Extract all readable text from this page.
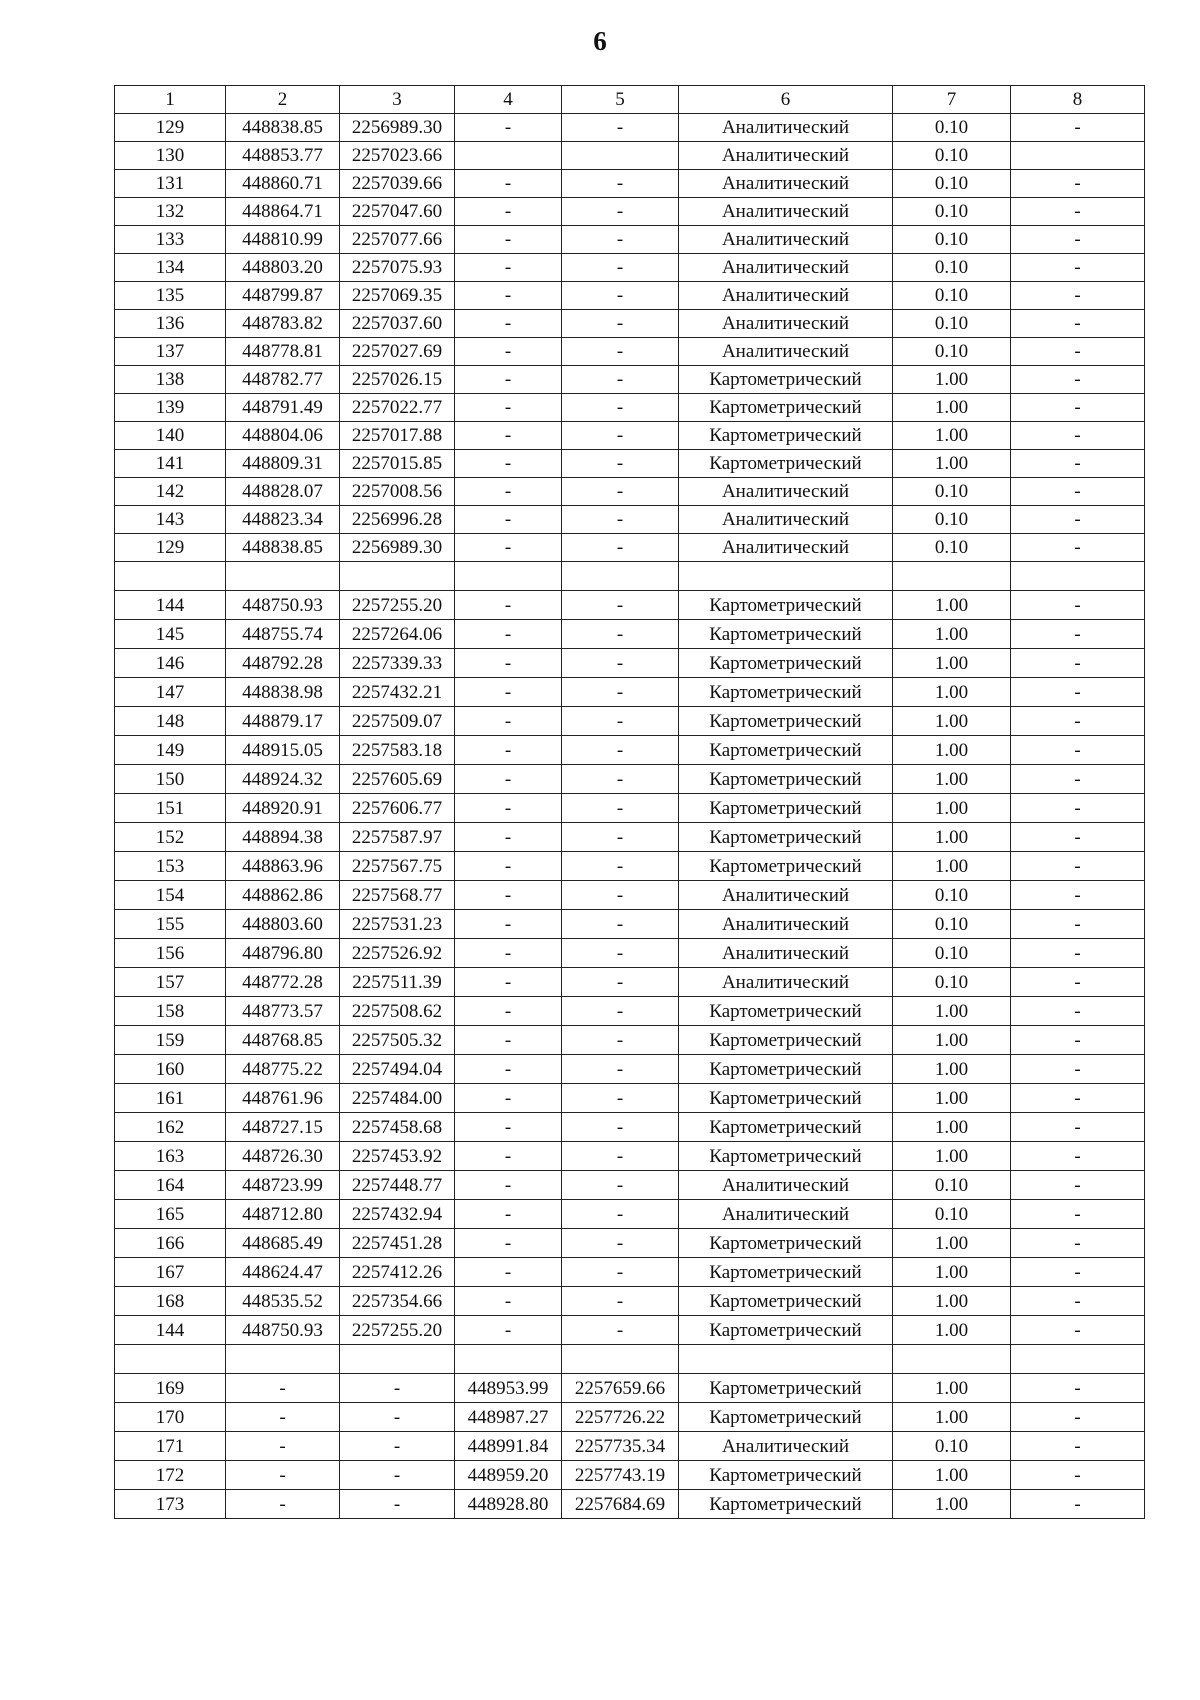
6
1	2	3	4	5	6	7	8
129	448838.85	2256989.30	-	-	Аналитический	0.10	-
130	448853.77	2257023.66			Аналитический	0.10	
131	448860.71	2257039.66	-	-	Аналитический	0.10	-
132	448864.71	2257047.60	-	-	Аналитический	0.10	-
133	448810.99	2257077.66	-	-	Аналитический	0.10	-
134	448803.20	2257075.93	-	-	Аналитический	0.10	-
135	448799.87	2257069.35	-	-	Аналитический	0.10	-
136	448783.82	2257037.60	-	-	Аналитический	0.10	-
137	448778.81	2257027.69	-	-	Аналитический	0.10	-
138	448782.77	2257026.15	-	-	Картометрический	1.00	-
139	448791.49	2257022.77	-	-	Картометрический	1.00	-
140	448804.06	2257017.88	-	-	Картометрический	1.00	-
141	448809.31	2257015.85	-	-	Картометрический	1.00	-
142	448828.07	2257008.56	-	-	Аналитический	0.10	-
143	448823.34	2256996.28	-	-	Аналитический	0.10	-
129	448838.85	2256989.30	-	-	Аналитический	0.10	-

144	448750.93	2257255.20	-	-	Картометрический	1.00	-
145	448755.74	2257264.06	-	-	Картометрический	1.00	-
146	448792.28	2257339.33	-	-	Картометрический	1.00	-
147	448838.98	2257432.21	-	-	Картометрический	1.00	-
148	448879.17	2257509.07	-	-	Картометрический	1.00	-
149	448915.05	2257583.18	-	-	Картометрический	1.00	-
150	448924.32	2257605.69	-	-	Картометрический	1.00	-
151	448920.91	2257606.77	-	-	Картометрический	1.00	-
152	448894.38	2257587.97	-	-	Картометрический	1.00	-
153	448863.96	2257567.75	-	-	Картометрический	1.00	-
154	448862.86	2257568.77	-	-	Аналитический	0.10	-
155	448803.60	2257531.23	-	-	Аналитический	0.10	-
156	448796.80	2257526.92	-	-	Аналитический	0.10	-
157	448772.28	2257511.39	-	-	Аналитический	0.10	-
158	448773.57	2257508.62	-	-	Картометрический	1.00	-
159	448768.85	2257505.32	-	-	Картометрический	1.00	-
160	448775.22	2257494.04	-	-	Картометрический	1.00	-
161	448761.96	2257484.00	-	-	Картометрический	1.00	-
162	448727.15	2257458.68	-	-	Картометрический	1.00	-
163	448726.30	2257453.92	-	-	Картометрический	1.00	-
164	448723.99	2257448.77	-	-	Аналитический	0.10	-
165	448712.80	2257432.94	-	-	Аналитический	0.10	-
166	448685.49	2257451.28	-	-	Картометрический	1.00	-
167	448624.47	2257412.26	-	-	Картометрический	1.00	-
168	448535.52	2257354.66	-	-	Картометрический	1.00	-
144	448750.93	2257255.20	-	-	Картометрический	1.00	-

169	-	-	448953.99	2257659.66	Картометрический	1.00	-
170	-	-	448987.27	2257726.22	Картометрический	1.00	-
171	-	-	448991.84	2257735.34	Аналитический	0.10	-
172	-	-	448959.20	2257743.19	Картометрический	1.00	-
173	-	-	448928.80	2257684.69	Картометрический	1.00	-
